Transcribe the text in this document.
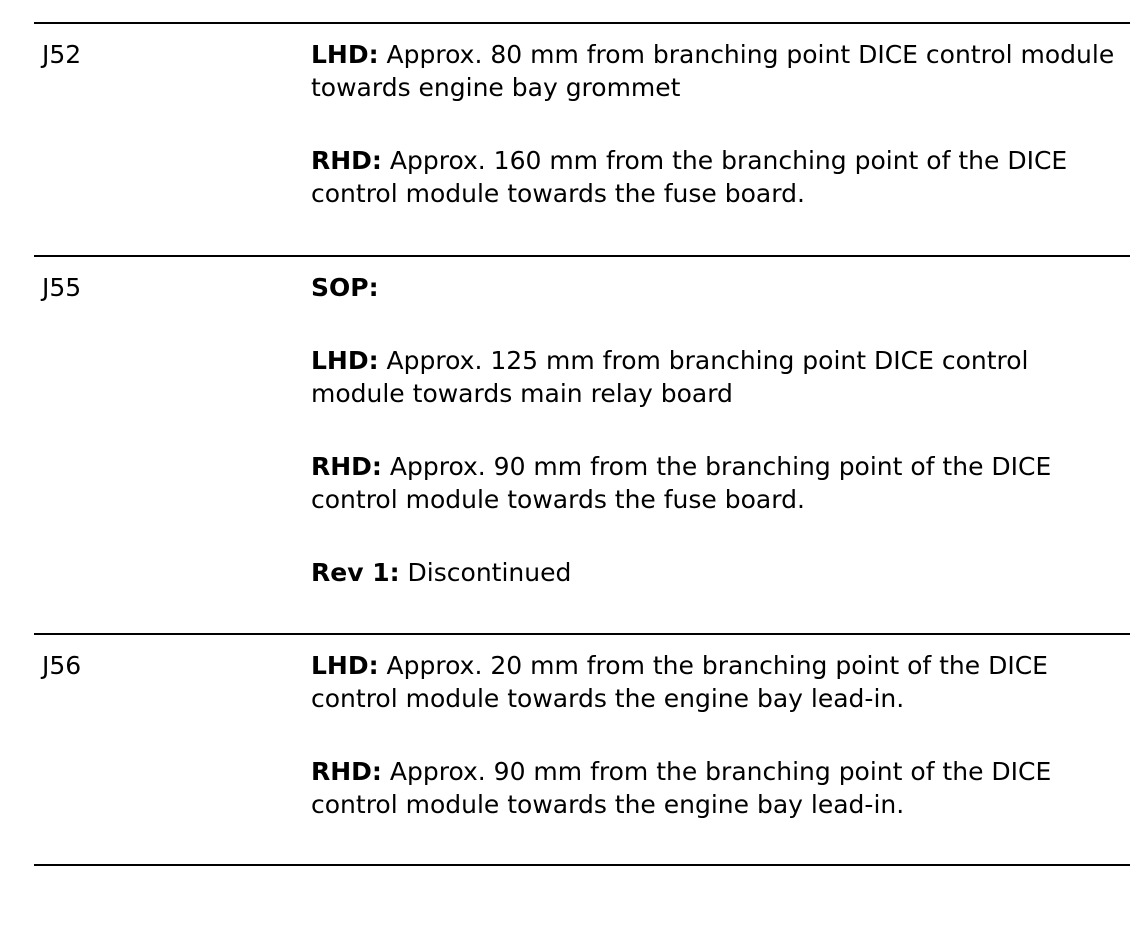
J52	LHD: Approx. 80 mm from branching point DICE control module towards engine bay grommet
RHD: Approx. 160 mm from the branching point of the DICE control module towards the fuse board.
J55	SOP:
LHD: Approx. 125 mm from branching point DICE control module towards main relay board
RHD: Approx. 90 mm from the branching point of the DICE control module towards the fuse board.
Rev 1: Discontinued
J56	LHD: Approx. 20 mm from the branching point of the DICE control module towards the engine bay lead-in.
RHD: Approx. 90 mm from the branching point of the DICE control module towards the engine bay lead-in.
